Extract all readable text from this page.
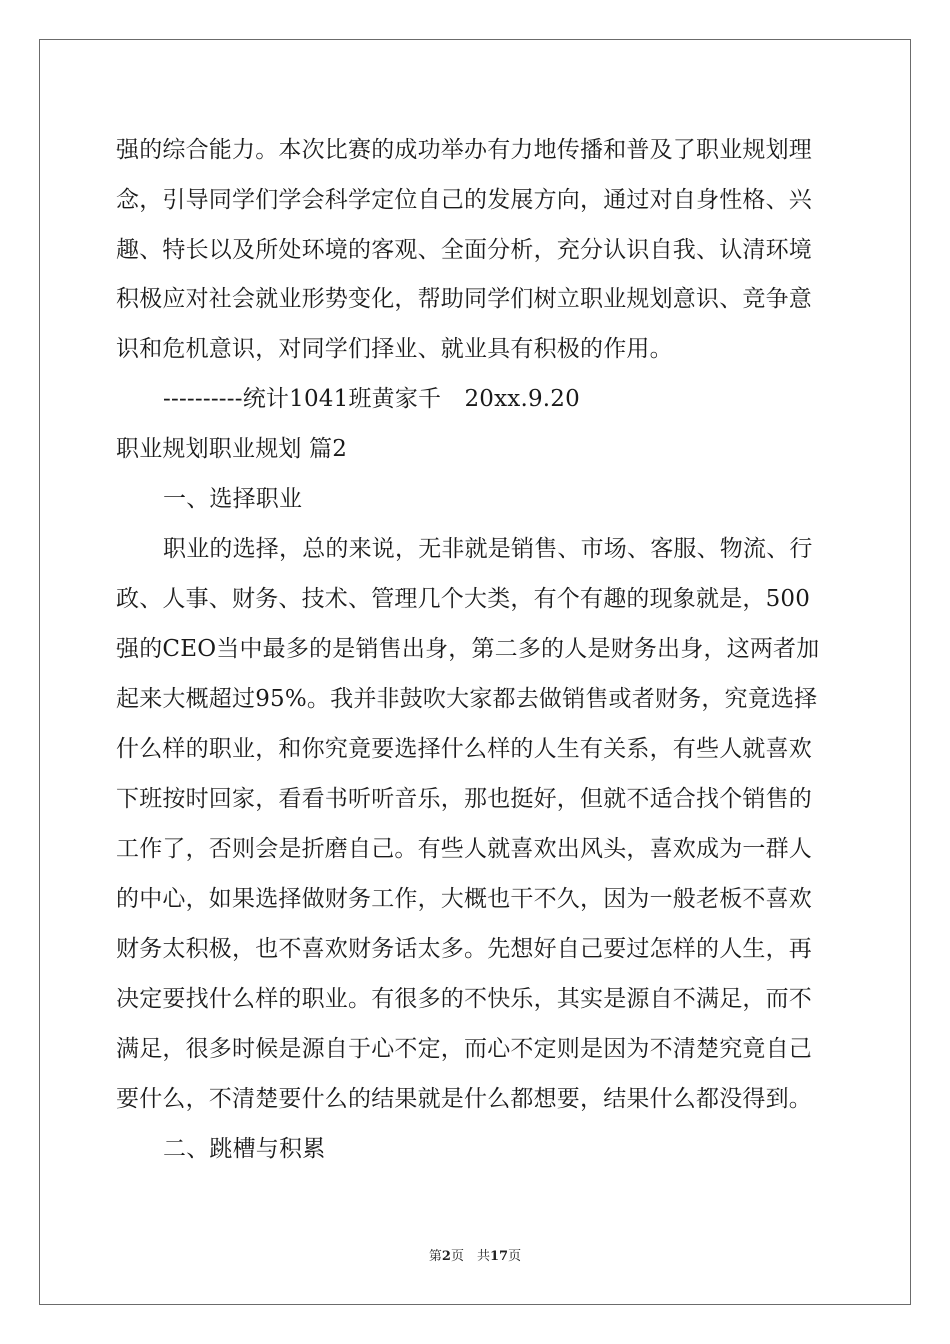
强的综合能力。本次比赛的成功举办有力地传播和普及了职业规划理
念，引导同学们学会科学定位自己的发展方向，通过对自身性格、兴
趣、特长以及所处环境的客观、全面分析，充分认识自我、认清环境
积极应对社会就业形势变化，帮助同学们树立职业规划意识、竞争意
识和危机意识，对同学们择业、就业具有积极的作用。
----------统计1041班黄家千　20xx.9.20
职业规划职业规划 篇2
一、选择职业
职业的选择，总的来说，无非就是销售、市场、客服、物流、行
政、人事、财务、技术、管理几个大类，有个有趣的现象就是，500
强的CEO当中最多的是销售出身，第二多的人是财务出身，这两者加
起来大概超过95%。我并非鼓吹大家都去做销售或者财务，究竟选择
什么样的职业，和你究竟要选择什么样的人生有关系，有些人就喜欢
下班按时回家，看看书听听音乐，那也挺好，但就不适合找个销售的
工作了，否则会是折磨自己。有些人就喜欢出风头，喜欢成为一群人
的中心，如果选择做财务工作，大概也干不久，因为一般老板不喜欢
财务太积极，也不喜欢财务话太多。先想好自己要过怎样的人生，再
决定要找什么样的职业。有很多的不快乐，其实是源自不满足，而不
满足，很多时候是源自于心不定，而心不定则是因为不清楚究竟自己
要什么，不清楚要什么的结果就是什么都想要，结果什么都没得到。
二、跳槽与积累
第2页　共17页
